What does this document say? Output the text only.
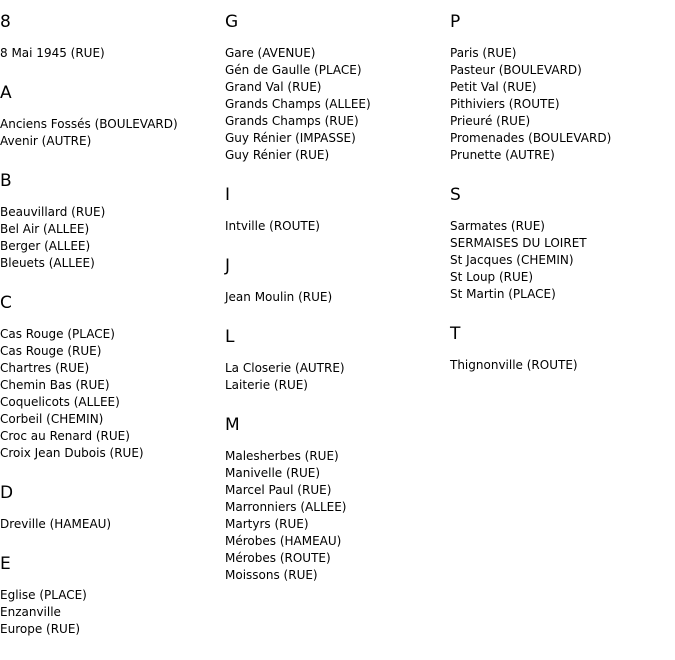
8
8 Mai 1945 (RUE)
A
Anciens Fossés (BOULEVARD)
Avenir (AUTRE)
B
Beauvillard (RUE)
Bel Air (ALLEE)
Berger (ALLEE)
Bleuets (ALLEE)
C
Cas Rouge (PLACE)
Cas Rouge (RUE)
Chartres (RUE)
Chemin Bas (RUE)
Coquelicots (ALLEE)
Corbeil (CHEMIN)
Croc au Renard (RUE)
Croix Jean Dubois (RUE)
D
Dreville (HAMEAU)
E
Eglise (PLACE)
Enzanville
Europe (RUE)
G
Gare (AVENUE)
Gén de Gaulle (PLACE)
Grand Val (RUE)
Grands Champs (ALLEE)
Grands Champs (RUE)
Guy Rénier (IMPASSE)
Guy Rénier (RUE)
I
Intville (ROUTE)
J
Jean Moulin (RUE)
L
La Closerie (AUTRE)
Laiterie (RUE)
M
Malesherbes (RUE)
Manivelle (RUE)
Marcel Paul (RUE)
Marronniers (ALLEE)
Martyrs (RUE)
Mérobes (HAMEAU)
Mérobes (ROUTE)
Moissons (RUE)
P
Paris (RUE)
Pasteur (BOULEVARD)
Petit Val (RUE)
Pithiviers (ROUTE)
Prieuré (RUE)
Promenades (BOULEVARD)
Prunette (AUTRE)
S
Sarmates (RUE)
SERMAISES DU LOIRET
St Jacques (CHEMIN)
St Loup (RUE)
St Martin (PLACE)
T
Thignonville (ROUTE)
